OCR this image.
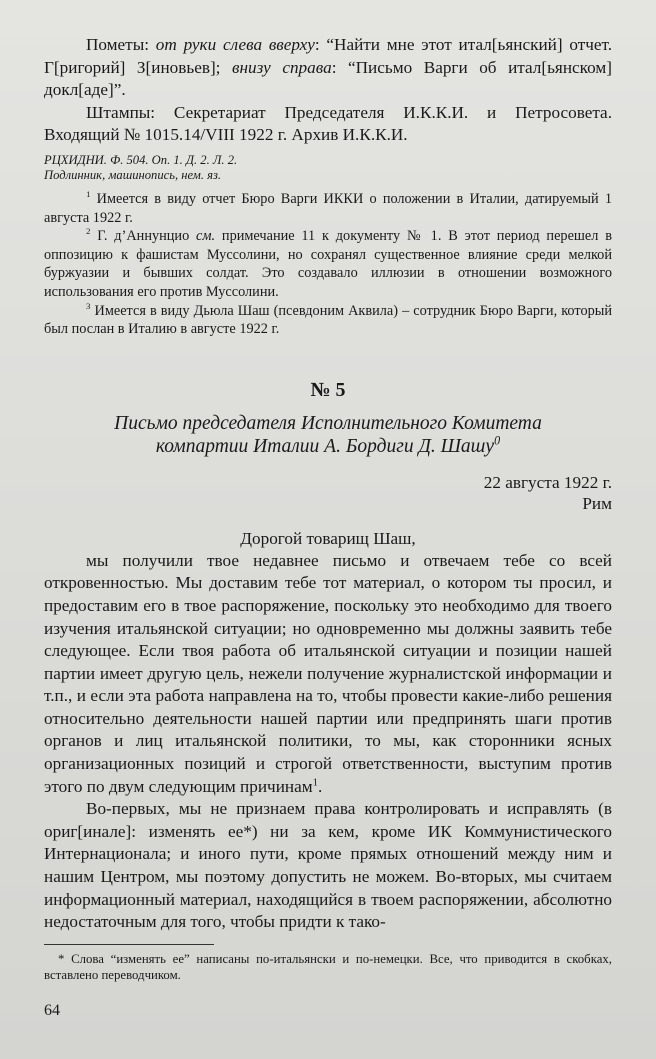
Пометы: от руки слева вверху: “Найти мне этот итал[ьянский] отчет. Г[ригорий] З[иновьев]; внизу справа: “Письмо Варги об итал[ьянском] докл[аде]”.

Штампы: Секретариат Председателя И.К.К.И. и Петросовета. Входящий № 1015.14/VIII 1922 г. Архив И.К.К.И.

РЦХИДНИ. Ф. 504. Оп. 1. Д. 2. Л. 2.

Подлинник, машинопись, нем. яз.

$^1$ Имеется в виду отчет Бюро Варги ИККИ о положении в Италии, датируемый 1 августа 1922 г.

$^2$ Г. д’Аннунцио см. примечание 11 к документу № 1. В этот период перешел в оппозицию к фашистам Муссолини, но сохранял существенное влияние среди мелкой буржуазии и бывших солдат. Это создавало иллюзии в отношении возможного использования его против Муссолини.

$^3$ Имеется в виду Дьюла Шаш (псевдоним Аквила) – сотрудник Бюро Варги, который был послан в Италию в августе 1922 г.

№ 5

Письмо председателя Исполнительного Комитета

компартии Италии А. Бордиги Д. Шашу$^0$

22 августа 1922 г.

Рим

Дорогой товарищ Шаш,

мы получили твое недавнее письмо и отвечаем тебе со всей откровенностью. Мы доставим тебе тот материал, о котором ты просил, и предоставим его в твое распоряжение, поскольку это необходимо для твоего изучения итальянской ситуации; но одновременно мы должны заявить тебе следующее. Если твоя работа об итальянской ситуации и позиции нашей партии имеет другую цель, нежели получение журналистской информации и т.п., и если эта работа направлена на то, чтобы провести какие-либо решения относительно деятельности нашей партии или предпринять шаги против органов и лиц итальянской политики, то мы, как сторонники ясных организационных позиций и строгой ответственности, выступим против этого по двум следующим причинам$^1$.

Во-первых, мы не признаем права контролировать и исправлять (в ориг[инале]: изменять ее*) ни за кем, кроме ИК Коммунистического Интернационала; и иного пути, кроме прямых отношений между ним и нашим Центром, мы поэтому допустить не можем. Во-вторых, мы считаем информационный материал, находящийся в твоем распоряжении, абсолютно недостаточным для того, чтобы придти к тако-

* Слова “изменять ее” написаны по-итальянски и по-немецки. Все, что приводится в скобках, вставлено переводчиком.

64
